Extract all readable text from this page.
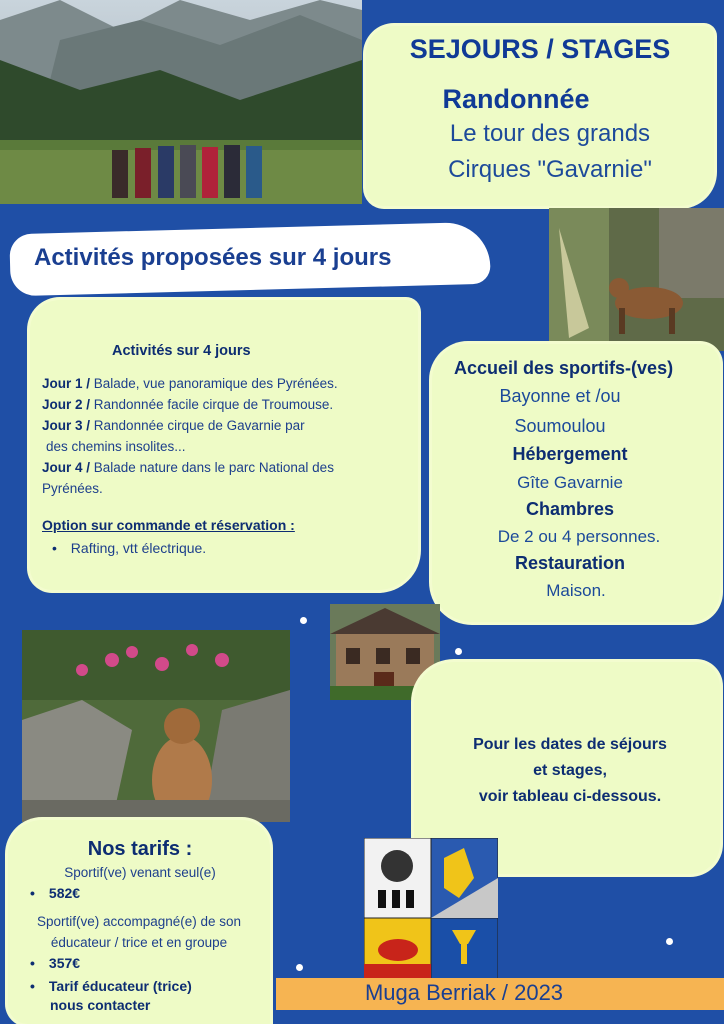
SEJOURS / STAGES
Randonnée
Le tour des grands
Cirques "Gavarnie"
Activités proposées sur 4 jours
Activités sur 4 jours
Jour 1 / Balade, vue panoramique des Pyrénées.
Jour 2 / Randonnée facile cirque de Troumouse.
Jour 3 / Randonnée cirque de Gavarnie par
des chemins insolites...
Jour 4 / Balade nature dans le parc National des
Pyrénées.
Option sur commande et réservation :
• Rafting, vtt électrique.
Accueil des sportifs-(ves)
Bayonne et /ou
Soumoulou
Hébergement
Gîte Gavarnie
Chambres
De 2 ou 4 personnes.
Restauration
Maison.
Pour les dates de séjours
et stages,
voir tableau ci-dessous.
Nos tarifs :
Sportif(ve) venant seul(e)
• 582€
Sportif(ve) accompagné(e) de son
éducateur / trice et en groupe
• 357€
• Tarif éducateur (trice)
nous contacter	Muga Berriak / 2023
